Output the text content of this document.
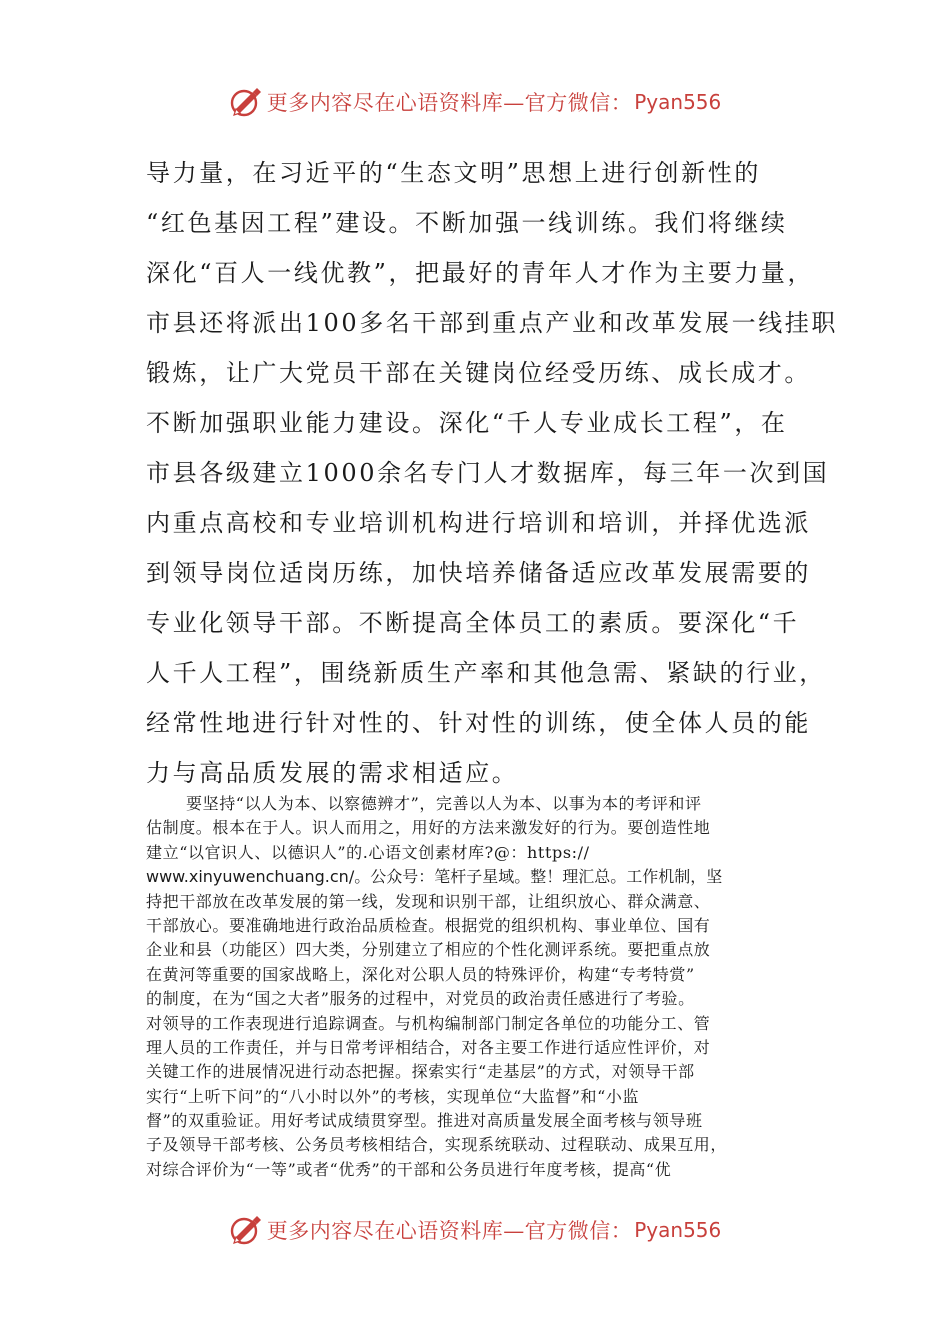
更多内容尽在心语资料库—官方微信： Pyan556
导力量，在习近平的“生态文明”思想上进行创新性的
“红色基因工程”建设。不断加强一线训练。我们将继续
深化“百人一线优教”，把最好的青年人才作为主要力量，
市县还将派出100多名干部到重点产业和改革发展一线挂职
锻炼，让广大党员干部在关键岗位经受历练、成长成才。
不断加强职业能力建设。深化“千人专业成长工程”，在
市县各级建立1000余名专门人才数据库，每三年一次到国
内重点高校和专业培训机构进行培训和培训，并择优选派
到领导岗位适岗历练，加快培养储备适应改革发展需要的
专业化领导干部。不断提高全体员工的素质。要深化“千
人千人工程”，围绕新质生产率和其他急需、紧缺的行业，
经常性地进行针对性的、针对性的训练，使全体人员的能
力与高品质发展的需求相适应。
要坚持“以人为本、以察德辨才”，完善以人为本、以事为本的考评和评
估制度。根本在于人。识人而用之，用好的方法来激发好的行为。要创造性地
建立“以官识人、以德识人”的.心语文创素材库?@：https://
www.xinyuwenchuang.cn/。公众号：笔杆子星域。整！理汇总。工作机制，坚
持把干部放在改革发展的第一线，发现和识别干部，让组织放心、群众满意、
干部放心。要准确地进行政治品质检查。根据党的组织机构、事业单位、国有
企业和县（功能区）四大类，分别建立了相应的个性化测评系统。要把重点放
在黄河等重要的国家战略上，深化对公职人员的特殊评价，构建“专考特赏”
的制度，在为“国之大者”服务的过程中，对党员的政治责任感进行了考验。
对领导的工作表现进行追踪调查。与机构编制部门制定各单位的功能分工、管
理人员的工作责任，并与日常考评相结合，对各主要工作进行适应性评价，对
关键工作的进展情况进行动态把握。探索实行“走基层”的方式，对领导干部
实行“上听下问”的“八小时以外”的考核，实现单位“大监督”和“小监
督”的双重验证。用好考试成绩贯穿型。推进对高质量发展全面考核与领导班
子及领导干部考核、公务员考核相结合，实现系统联动、过程联动、成果互用，
对综合评价为“一等”或者“优秀”的干部和公务员进行年度考核，提高“优
更多内容尽在心语资料库—官方微信： Pyan556
